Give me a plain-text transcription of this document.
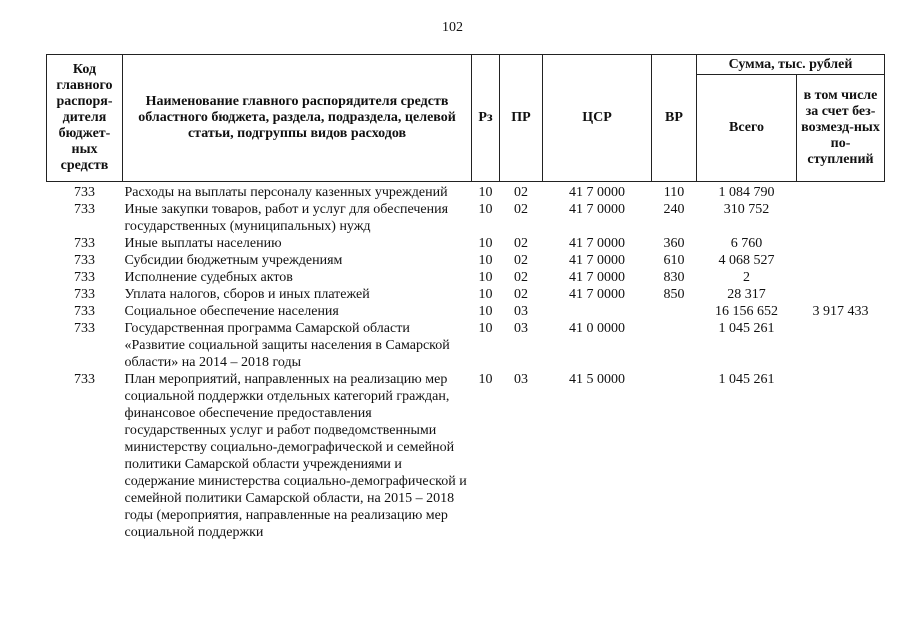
102
Код главного распоря-дителя бюджет-ных средств	Наименование главного распорядителя средств областного бюджета, раздела, подраздела, целевой статьи, подгруппы видов расходов	Рз	ПР	ЦСР	ВР	Сумма, тыс. рублей	
						Всего	в том числе за счет без-возмезд-ных по-ступлений
733	Расходы на выплаты персоналу казенных учреждений	10	02	41 7 0000	110	1 084 790	
733	Иные закупки товаров, работ и услуг для обеспечения государственных (муниципальных) нужд	10	02	41 7 0000	240	310 752	
733	Иные выплаты населению	10	02	41 7 0000	360	6 760	
733	Субсидии бюджетным учреждениям	10	02	41 7 0000	610	4 068 527	
733	Исполнение судебных актов	10	02	41 7 0000	830	2	
733	Уплата налогов, сборов и иных платежей	10	02	41 7 0000	850	28 317	
733	Социальное обеспечение населения	10	03			16 156 652	3 917 433
733	Государственная программа Самарской области «Развитие социальной защиты населения в Самарской области» на 2014 – 2018 годы	10	03	41 0 0000		1 045 261	
733	План мероприятий, направленных на реализацию мер социальной поддержки отдельных категорий граждан, финансовое обеспечение предоставления государственных услуг и работ подведомственными министерству социально-демографической и семейной политики Самарской области учреждениями и содержание министерства социально-демографической и семейной политики Самарской области, на 2015 – 2018 годы (мероприятия, направленные на реализацию мер социальной поддержки	10	03	41 5 0000		1 045 261	
